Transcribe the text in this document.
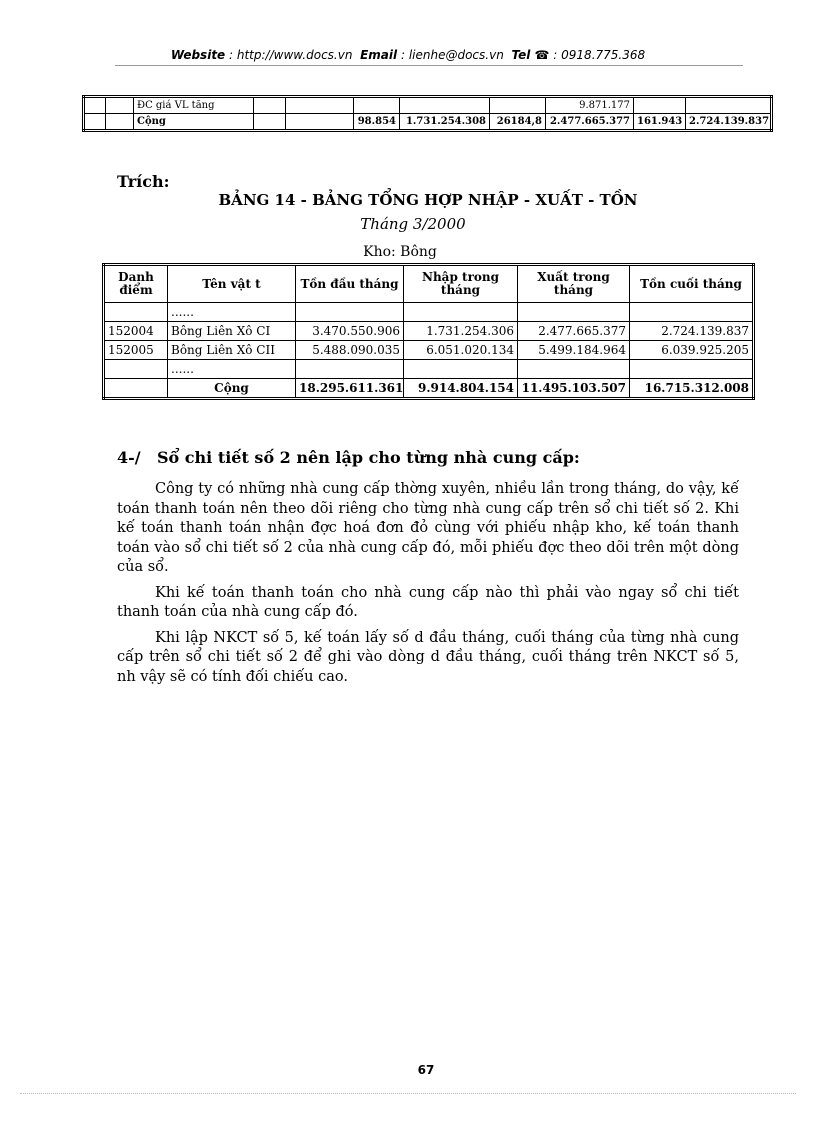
Website : http://www.docs.vn Email : lienhe@docs.vn Tel ☎ : 0918.775.368
		ĐC giá VL tăng						9.871.177		
		Cộng			98.854	1.731.254.308	26184,8	2.477.665.377	161.943	2.724.139.837
Trích:
BẢNG 14 - BẢNG TỔNG HỢP NHẬP - XUẤT - TỒN
Tháng 3/2000
Kho: Bông
Danh điểm	Tên vật t	Tồn đầu tháng	Nhập trong tháng	Xuất trong tháng	Tồn cuối tháng
	......				
152004	Bông Liên Xô CI	3.470.550.906	1.731.254.306	2.477.665.377	2.724.139.837
152005	Bông Liên Xô CII	5.488.090.035	6.051.020.134	5.499.184.964	6.039.925.205
	......				
	Cộng	18.295.611.361	9.914.804.154	11.495.103.507	16.715.312.008
4-/ Sổ chi tiết số 2 nên lập cho từng nhà cung cấp:

Công ty có những nhà cung cấp thờng xuyên, nhiều lần trong tháng, do vậy, kế toán thanh toán nên theo dõi riêng cho từng nhà cung cấp trên sổ chi tiết số 2. Khi kế toán thanh toán nhận đợc hoá đơn đỏ cùng với phiếu nhập kho, kế toán thanh toán vào sổ chi tiết số 2 của nhà cung cấp đó, mỗi phiếu đợc theo dõi trên một dòng của sổ.

Khi kế toán thanh toán cho nhà cung cấp nào thì phải vào ngay sổ chi tiết thanh toán của nhà cung cấp đó.

Khi lập NKCT số 5, kế toán lấy số d đầu tháng, cuối tháng của từng nhà cung cấp trên sổ chi tiết số 2 để ghi vào dòng d đầu tháng, cuối tháng trên NKCT số 5, nh vậy sẽ có tính đối chiếu cao.

67
